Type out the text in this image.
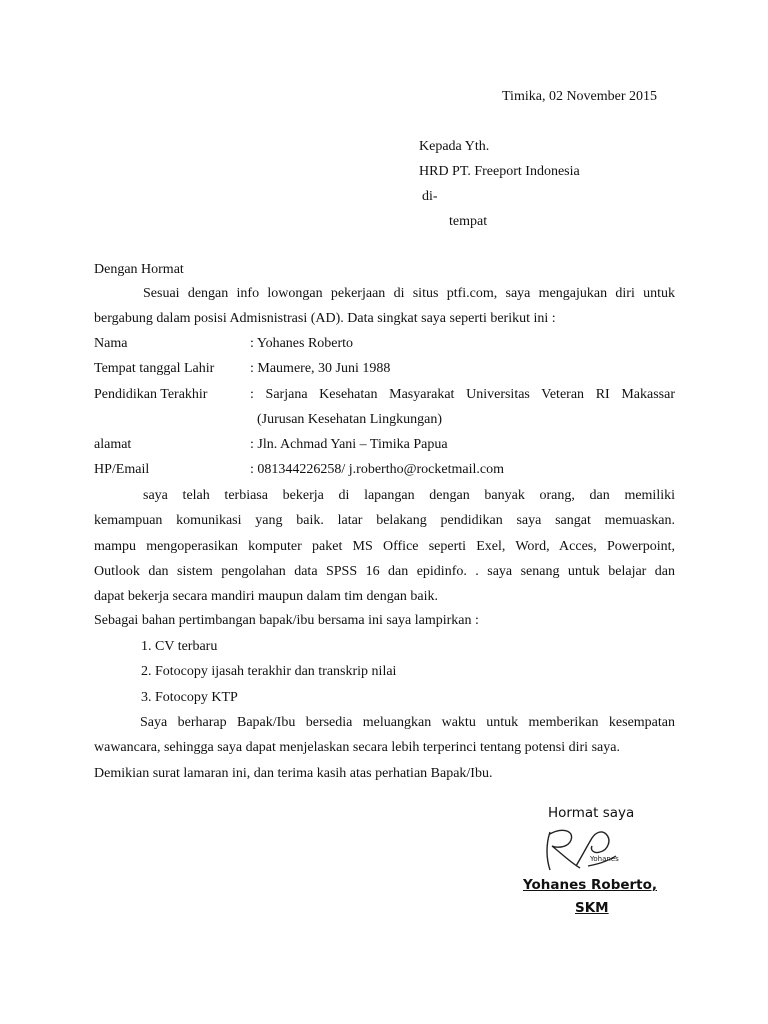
Timika, 02 November 2015
Kepada Yth.
HRD PT. Freeport Indonesia
di-
tempat
Dengan Hormat
Sesuai dengan info lowongan pekerjaan di situs ptfi.com, saya mengajukan diri untuk
bergabung dalam posisi Admisnistrasi (AD). Data singkat saya seperti berikut ini :
Nama	: Yohanes Roberto
Tempat tanggal Lahir	: Maumere, 30 Juni 1988
Pendidikan Terakhir	: Sarjana Kesehatan Masyarakat Universitas Veteran RI Makassar
(Jurusan Kesehatan Lingkungan)
alamat	: Jln. Achmad Yani – Timika Papua
HP/Email	: 081344226258/ j.robertho@rocketmail.com
saya telah terbiasa bekerja di lapangan dengan banyak orang, dan memiliki
kemampuan komunikasi yang baik. latar belakang pendidikan saya sangat memuaskan.
mampu mengoperasikan komputer paket MS Office seperti Exel, Word, Acces, Powerpoint,
Outlook dan sistem pengolahan data SPSS 16 dan epidinfo. . saya senang untuk belajar dan
dapat bekerja secara mandiri maupun dalam tim dengan baik.
Sebagai bahan pertimbangan bapak/ibu bersama ini saya lampirkan :
1. CV terbaru
2. Fotocopy ijasah terakhir dan transkrip nilai
3. Fotocopy KTP
Saya berharap Bapak/Ibu bersedia meluangkan waktu untuk memberikan kesempatan
wawancara, sehingga saya dapat menjelaskan secara lebih terperinci tentang potensi diri saya.
Demikian surat lamaran ini, dan terima kasih atas perhatian Bapak/Ibu.
Hormat saya
Yohanes
Yohanes Roberto,
SKM
